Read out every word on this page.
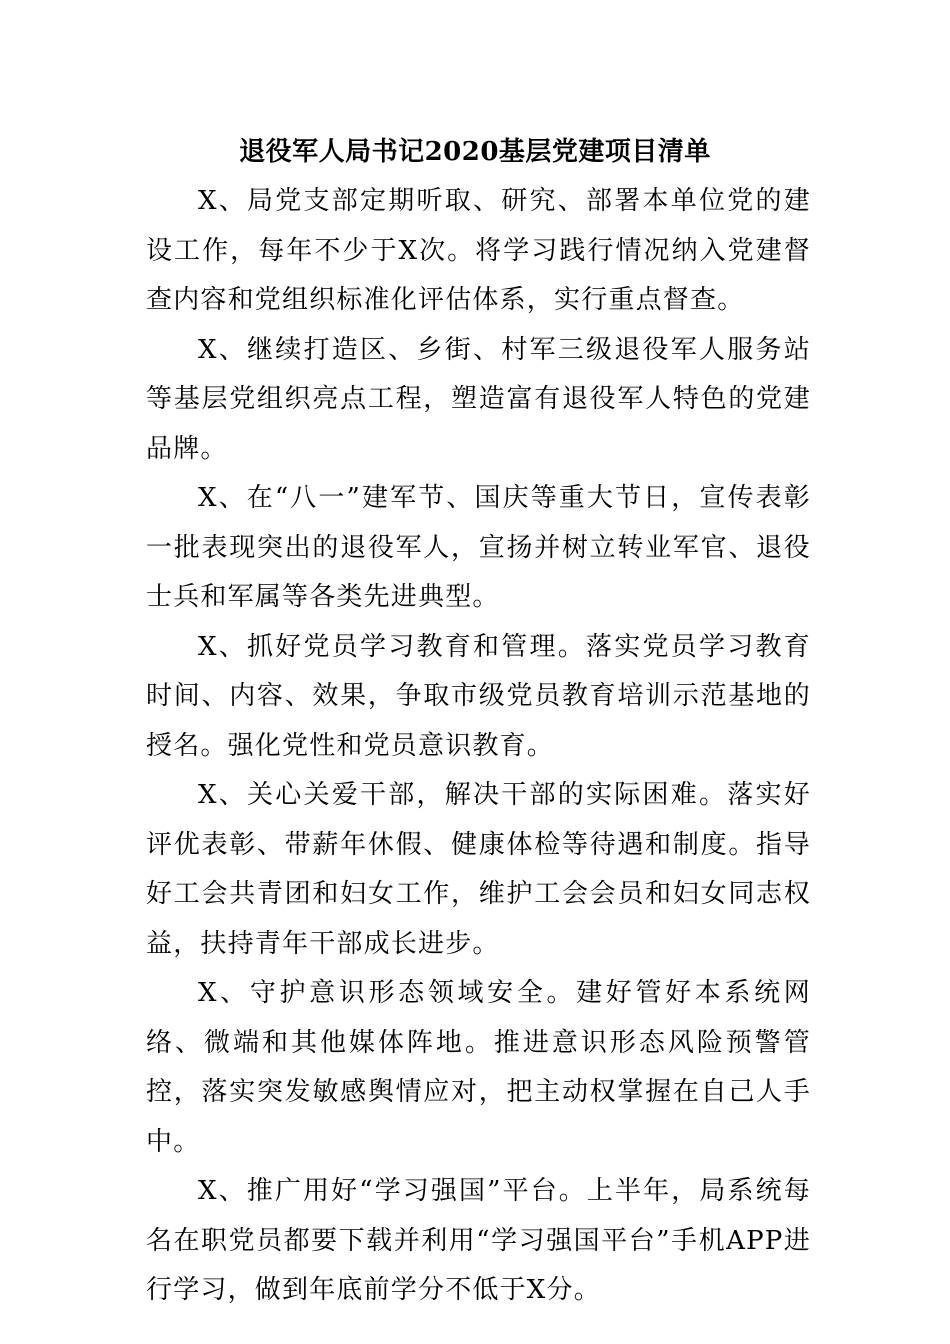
退役军人局书记2020基层党建项目清单

X、局党支部定期听取、研究、部署本单位党的建设工作，每年不少于X次。将学习践行情况纳入党建督查内容和党组织标准化评估体系，实行重点督查。

X、继续打造区、乡街、村军三级退役军人服务站等基层党组织亮点工程，塑造富有退役军人特色的党建品牌。

X、在“八一”建军节、国庆等重大节日，宣传表彰一批表现突出的退役军人，宣扬并树立转业军官、退役士兵和军属等各类先进典型。

X、抓好党员学习教育和管理。落实党员学习教育时间、内容、效果，争取市级党员教育培训示范基地的授名。强化党性和党员意识教育。

X、关心关爱干部，解决干部的实际困难。落实好评优表彰、带薪年休假、健康体检等待遇和制度。指导好工会共青团和妇女工作，维护工会会员和妇女同志权益，扶持青年干部成长进步。

X、守护意识形态领域安全。建好管好本系统网络、微端和其他媒体阵地。推进意识形态风险预警管控，落实突发敏感舆情应对，把主动权掌握在自己人手中。

X、推广用好“学习强国”平台。上半年，局系统每名在职党员都要下载并利用“学习强国平台”手机APP进行学习，做到年底前学分不低于X分。
